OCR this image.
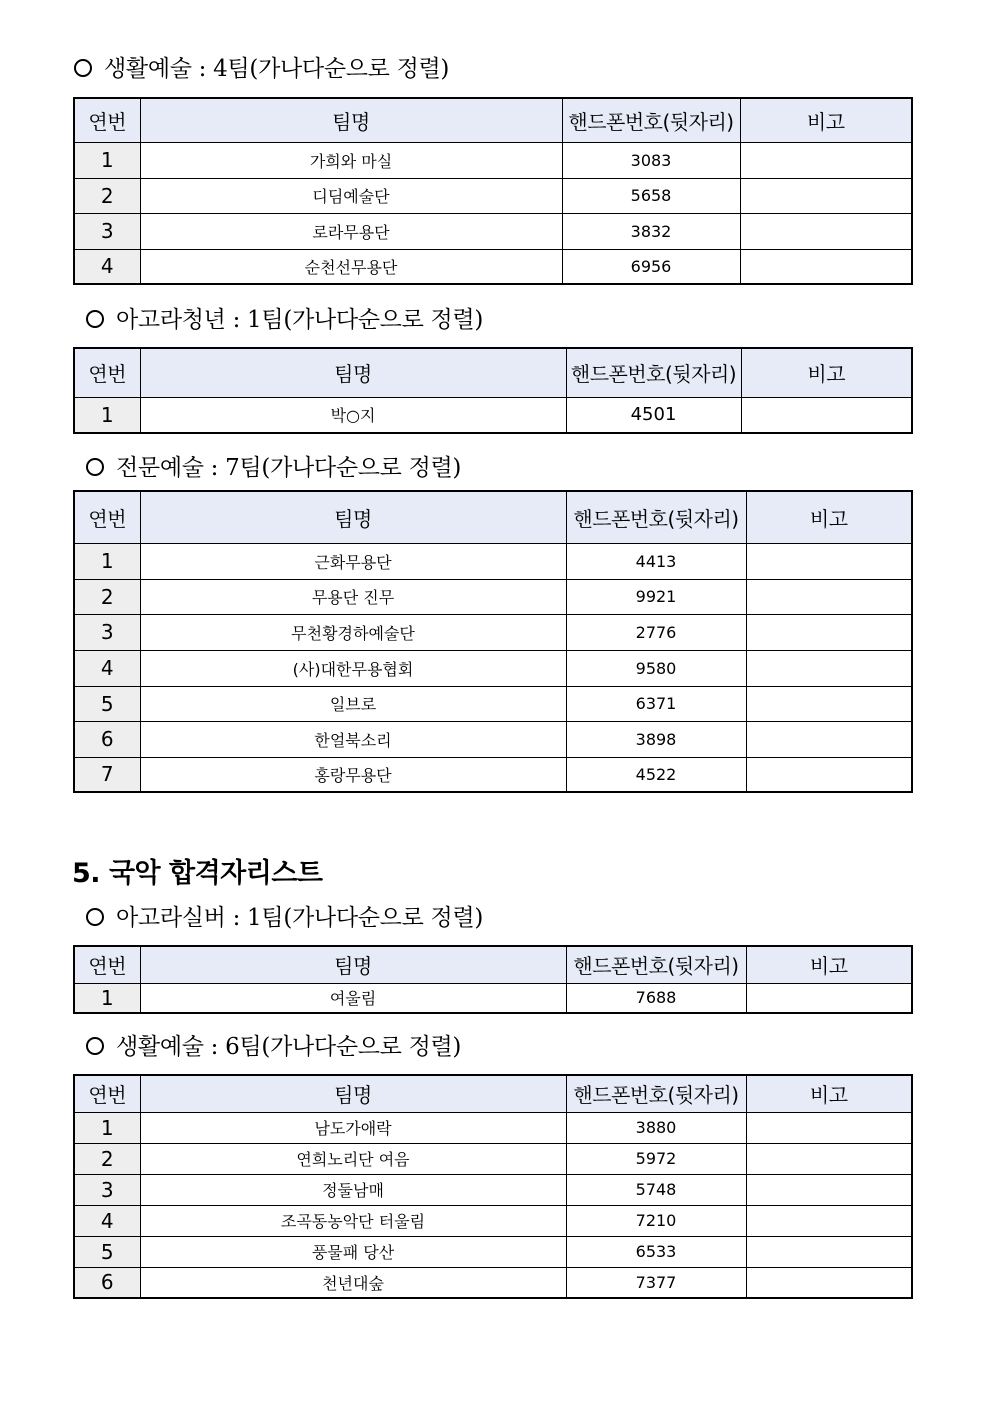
생활예술 : 4팀(가나다순으로 정렬)
연번	팀명	핸드폰번호(뒷자리)	비고
1	가희와 마실	3083	
2	디딤예술단	5658	
3	로라무용단	3832	
4	순천선무용단	6956	
아고라청년 : 1팀(가나다순으로 정렬)
연번	팀명	핸드폰번호(뒷자리)	비고
1	박○지	4501	
전문예술 : 7팀(가나다순으로 정렬)
연번	팀명	핸드폰번호(뒷자리)	비고
1	근화무용단	4413	
2	무용단 진무	9921	
3	무천황경하예술단	2776	
4	(사)대한무용협회	9580	
5	일브로	6371	
6	한얼북소리	3898	
7	홍랑무용단	4522	
5. 국악 합격자리스트
아고라실버 : 1팀(가나다순으로 정렬)
연번	팀명	핸드폰번호(뒷자리)	비고
1	여울림	7688	
생활예술 : 6팀(가나다순으로 정렬)
연번	팀명	핸드폰번호(뒷자리)	비고
1	남도가애락	3880	
2	연희노리단 여음	5972	
3	정둘남매	5748	
4	조곡동농악단 터울림	7210	
5	풍물패 당산	6533	
6	천년대숲	7377	
